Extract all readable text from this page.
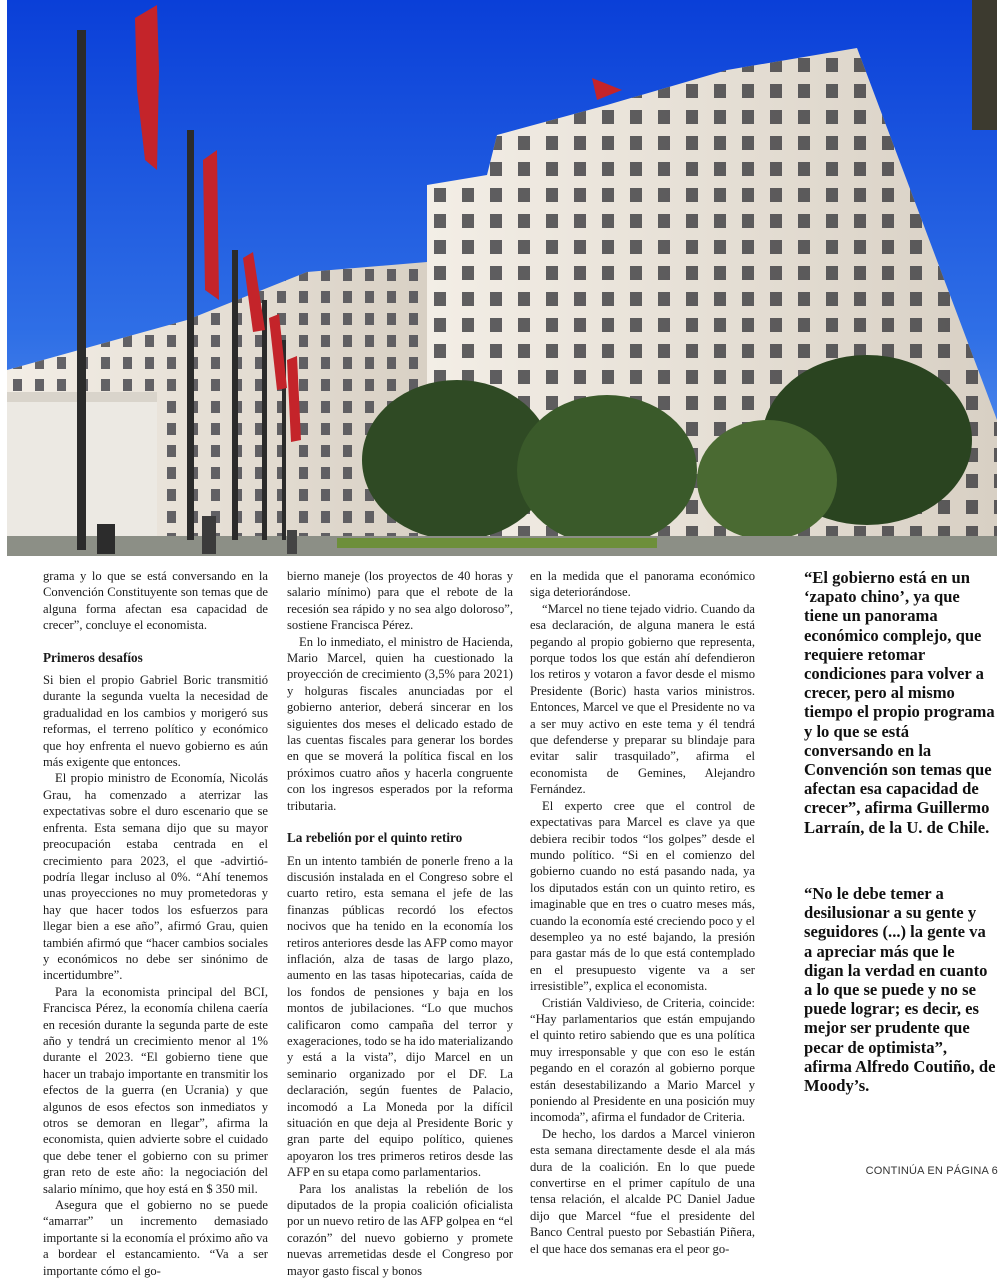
grama y lo que se está conversando en la Convención Constituyente son temas que de alguna forma afectan esa capacidad de crecer”, concluye el economista.

Primeros desafíos

Si bien el propio Gabriel Boric transmitió durante la segunda vuelta la necesidad de gradualidad en los cambios y morigeró sus reformas, el terreno político y económico que hoy enfrenta el nuevo gobierno es aún más exigente que entonces.

El propio ministro de Economía, Nicolás Grau, ha comenzado a aterrizar las expectativas sobre el duro escenario que se enfrenta. Esta semana dijo que su mayor preocupación estaba centrada en el crecimiento para 2023, el que -advirtió- podría llegar incluso al 0%. “Ahí tenemos unas proyecciones no muy prometedoras y hay que hacer todos los esfuerzos para llegar bien a ese año”, afirmó Grau, quien también afirmó que “hacer cambios sociales y económicos no debe ser sinónimo de incertidumbre”.

Para la economista principal del BCI, Francisca Pérez, la economía chilena caería en recesión durante la segunda parte de este año y tendrá un crecimiento menor al 1% durante el 2023. “El gobierno tiene que hacer un trabajo importante en transmitir los efectos de la guerra (en Ucrania) y que algunos de esos efectos son inmediatos y otros se demoran en llegar”, afirma la economista, quien advierte sobre el cuidado que debe tener el gobierno con su primer gran reto de este año: la negociación del salario mínimo, que hoy está en $ 350 mil.

Asegura que el gobierno no se puede “amarrar” un incremento demasiado importante si la economía el próximo año va a bordear el estancamiento. “Va a ser importante cómo el go-

bierno maneje (los proyectos de 40 horas y salario mínimo) para que el rebote de la recesión sea rápido y no sea algo doloroso”, sostiene Francisca Pérez.

En lo inmediato, el ministro de Hacienda, Mario Marcel, quien ha cuestionado la proyección de crecimiento (3,5% para 2021) y holguras fiscales anunciadas por el gobierno anterior, deberá sincerar en los siguientes dos meses el delicado estado de las cuentas fiscales para generar los bordes en que se moverá la política fiscal en los próximos cuatro años y hacerla congruente con los ingresos esperados por la reforma tributaria.

La rebelión por el quinto retiro

En un intento también de ponerle freno a la discusión instalada en el Congreso sobre el cuarto retiro, esta semana el jefe de las finanzas públicas recordó los efectos nocivos que ha tenido en la economía los retiros anteriores desde las AFP como mayor inflación, alza de tasas de largo plazo, aumento en las tasas hipotecarias, caída de los fondos de pensiones y baja en los montos de jubilaciones. “Lo que muchos calificaron como campaña del terror y exageraciones, todo se ha ido materializando y está a la vista”, dijo Marcel en un seminario organizado por el DF. La declaración, según fuentes de Palacio, incomodó a La Moneda por la difícil situación en que deja al Presidente Boric y gran parte del equipo político, quienes apoyaron los tres primeros retiros desde las AFP en su etapa como parlamentarios.

Para los analistas la rebelión de los diputados de la propia coalición oficialista por un nuevo retiro de las AFP golpea en “el corazón” del nuevo gobierno y promete nuevas arremetidas desde el Congreso por mayor gasto fiscal y bonos

en la medida que el panorama económico siga deteriorándose.

“Marcel no tiene tejado vidrio. Cuando da esa declaración, de alguna manera le está pegando al propio gobierno que representa, porque todos los que están ahí defendieron los retiros y votaron a favor desde el mismo Presidente (Boric) hasta varios ministros. Entonces, Marcel ve que el Presidente no va a ser muy activo en este tema y él tendrá que defenderse y preparar su blindaje para evitar salir trasquilado”, afirma el economista de Gemines, Alejandro Fernández.

El experto cree que el control de expectativas para Marcel es clave ya que debiera recibir todos “los golpes” desde el mundo político. “Si en el comienzo del gobierno cuando no está pasando nada, ya los diputados están con un quinto retiro, es imaginable que en tres o cuatro meses más, cuando la economía esté creciendo poco y el desempleo ya no esté bajando, la presión para gastar más de lo que está contemplado en el presupuesto vigente va a ser irresistible”, explica el economista.

Cristián Valdivieso, de Criteria, coincide: “Hay parlamentarios que están empujando el quinto retiro sabiendo que es una política muy irresponsable y que con eso le están pegando en el corazón al gobierno porque están desestabilizando a Mario Marcel y poniendo al Presidente en una posición muy incomoda”, afirma el fundador de Criteria.

De hecho, los dardos a Marcel vinieron esta semana directamente desde el ala más dura de la coalición. En lo que puede convertirse en el primer capítulo de una tensa relación, el alcalde PC Daniel Jadue dijo que Marcel “fue el presidente del Banco Central puesto por Sebastián Piñera, el que hace dos semanas era el peor go-

“El gobierno está en un ‘zapato chino’, ya que tiene un panorama económico complejo, que requiere retomar condiciones para volver a crecer, pero al mismo tiempo el propio programa y lo que se está conversando en la Convención son temas que afectan esa capacidad de crecer”, afirma Guillermo Larraín, de la U. de Chile.
“No le debe temer a desilusionar a su gente y seguidores (...) la gente va a apreciar más que le digan la verdad en cuanto a lo que se puede y no se puede lograr; es decir, es mejor ser prudente que pecar de optimista”, afirma Alfredo Coutiño, de Moody’s.
CONTINÚA EN PÁGINA 6
